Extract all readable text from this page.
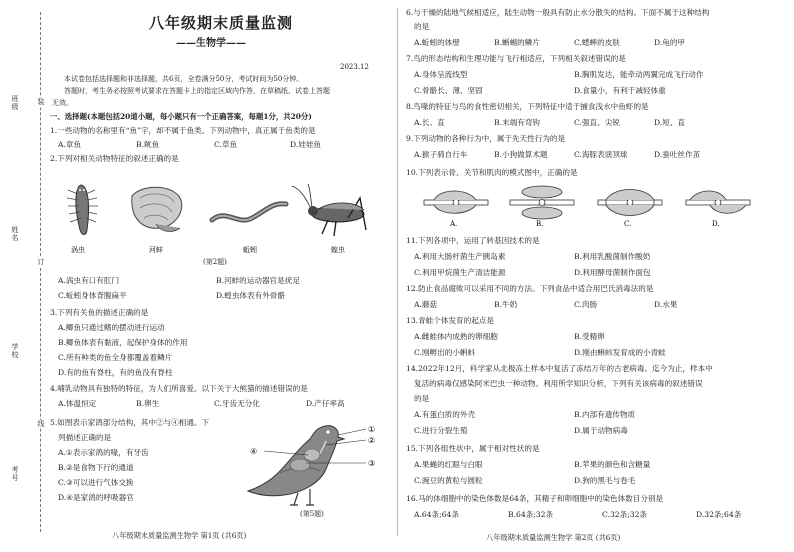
班级	装
姓名
订
学校
线
考号
八年级期末质量监测
——生物学——
2023.12
本试卷包括选择题和非选择题，共6页，全卷满分50分，考试时间为50分钟。
答题时，考生务必按照考试要求在答题卡上的指定区域内作答，在草稿纸、试卷上答题
无效。
一、选择题(本题包括20道小题，每小题只有一个正确答案，每题1分，共20分)
1.一些动物的名称里有“鱼”字，却不属于鱼类。下列动物中，真正属于鱼类的是
A.章鱼	B.鱿鱼	C.草鱼	D.娃娃鱼
2.下列对相关动物特征的叙述正确的是
涡虫	河蚌	蚯蚓	蝗虫
(第2题)
A.涡虫有口有肛门	B.河蚌的运动器官是疣足
C.蚯蚓身体背腹扁平	D.蝗虫体表有外骨骼
3.下列有关鱼的描述正确的是
A.鲫鱼只通过鳍的摆动进行运动
B.鲫鱼体表有黏液，起保护身体的作用
C.所有种类的鱼全身都覆盖着鳞片
D.有的鱼有脊柱，有的鱼没有脊柱
4.哺乳动物具有独特的特征，为人们所喜爱。以下关于大熊猫的描述错误的是
A.体温恒定	B.卵生	C.牙齿无分化	D.产仔率高
5.如图表示家鸽部分结构，其中②与④相通。下
列描述正确的是
A.①表示家鸽的喙，有牙齿
B.②是食物下行的通道
C.③可以进行气体交换
D.④是家鸽的呼吸器官
①
②
③
④
(第5题)
八年级期末质量监测生物学 第1页 (共6页)
6.与干燥的陆地气候相适应，陆生动物一般具有防止水分散失的结构。下面不属于这种结构
的是
A.蚯蚓的体壁	B.蜥蜴的鳞片	C.蟋蟀的皮肤	D.龟的甲
7.鸟的形态结构和生理功能与飞行相适应，下列相关叙述错误的是
A.身体呈流线型	B.胸肌发达，能牵动两翼完成飞行动作
C.骨骼长、薄、坚固	D.食量小，有利于减轻体重
8.鸟喙的特征与鸟的食性密切相关，下列特征中适于捕食浅水中鱼虾的是
A.长、直	B.末端有弯钩	C.强直、尖锐	D.短、直
9.下列动物的各种行为中，属于先天性行为的是
A.猴子骑自行车	B.小狗做算术题	C.海豚表演顶球	D.蚕吐丝作茧
10.下列表示骨、关节和肌肉的模式图中，正确的是
A.	B.	C.	D.
11.下列各项中，运用了转基因技术的是
A.利用大肠杆菌生产胰岛素	B.利用乳酸菌制作酸奶
C.利用甲烷菌生产清洁能源	D.利用酵母菌制作面包
12.防止食品腐败可以采用不同的方法。下列食品中适合用巴氏消毒法的是
A.蘑菇	B.牛奶	C.肉肠	D.水果
13.青蛙个体发育的起点是
A.雌蛙体内成熟的卵细胞	B.受精卵
C.刚孵出的小蝌蚪	D.刚由蝌蚪发育成的小青蛙
14.2022年12月，科学家从北极冻土样本中复活了冻结万年的古老病毒。迄今为止，样本中
复活的病毒仅感染阿米巴虫一种动物。利用所学知识分析，下列有关该病毒的叙述错误
的是
A.有蛋白质的外壳	B.内部有遗传物质
C.进行分裂生殖	D.属于动物病毒
15.下列各组性状中，属于相对性状的是
A.果蝇的红眼与白眼	B.苹果的颜色和含糖量
C.豌豆的黄粒与圆粒	D.狗的黑毛与卷毛
16.马的体细胞中的染色体数是64条，其精子和卵细胞中的染色体数目分别是
A.64条;64条	B.64条;32条	C.32条;32条	D.32条;64条
八年级期末质量监测生物学 第2页 (共6页)
